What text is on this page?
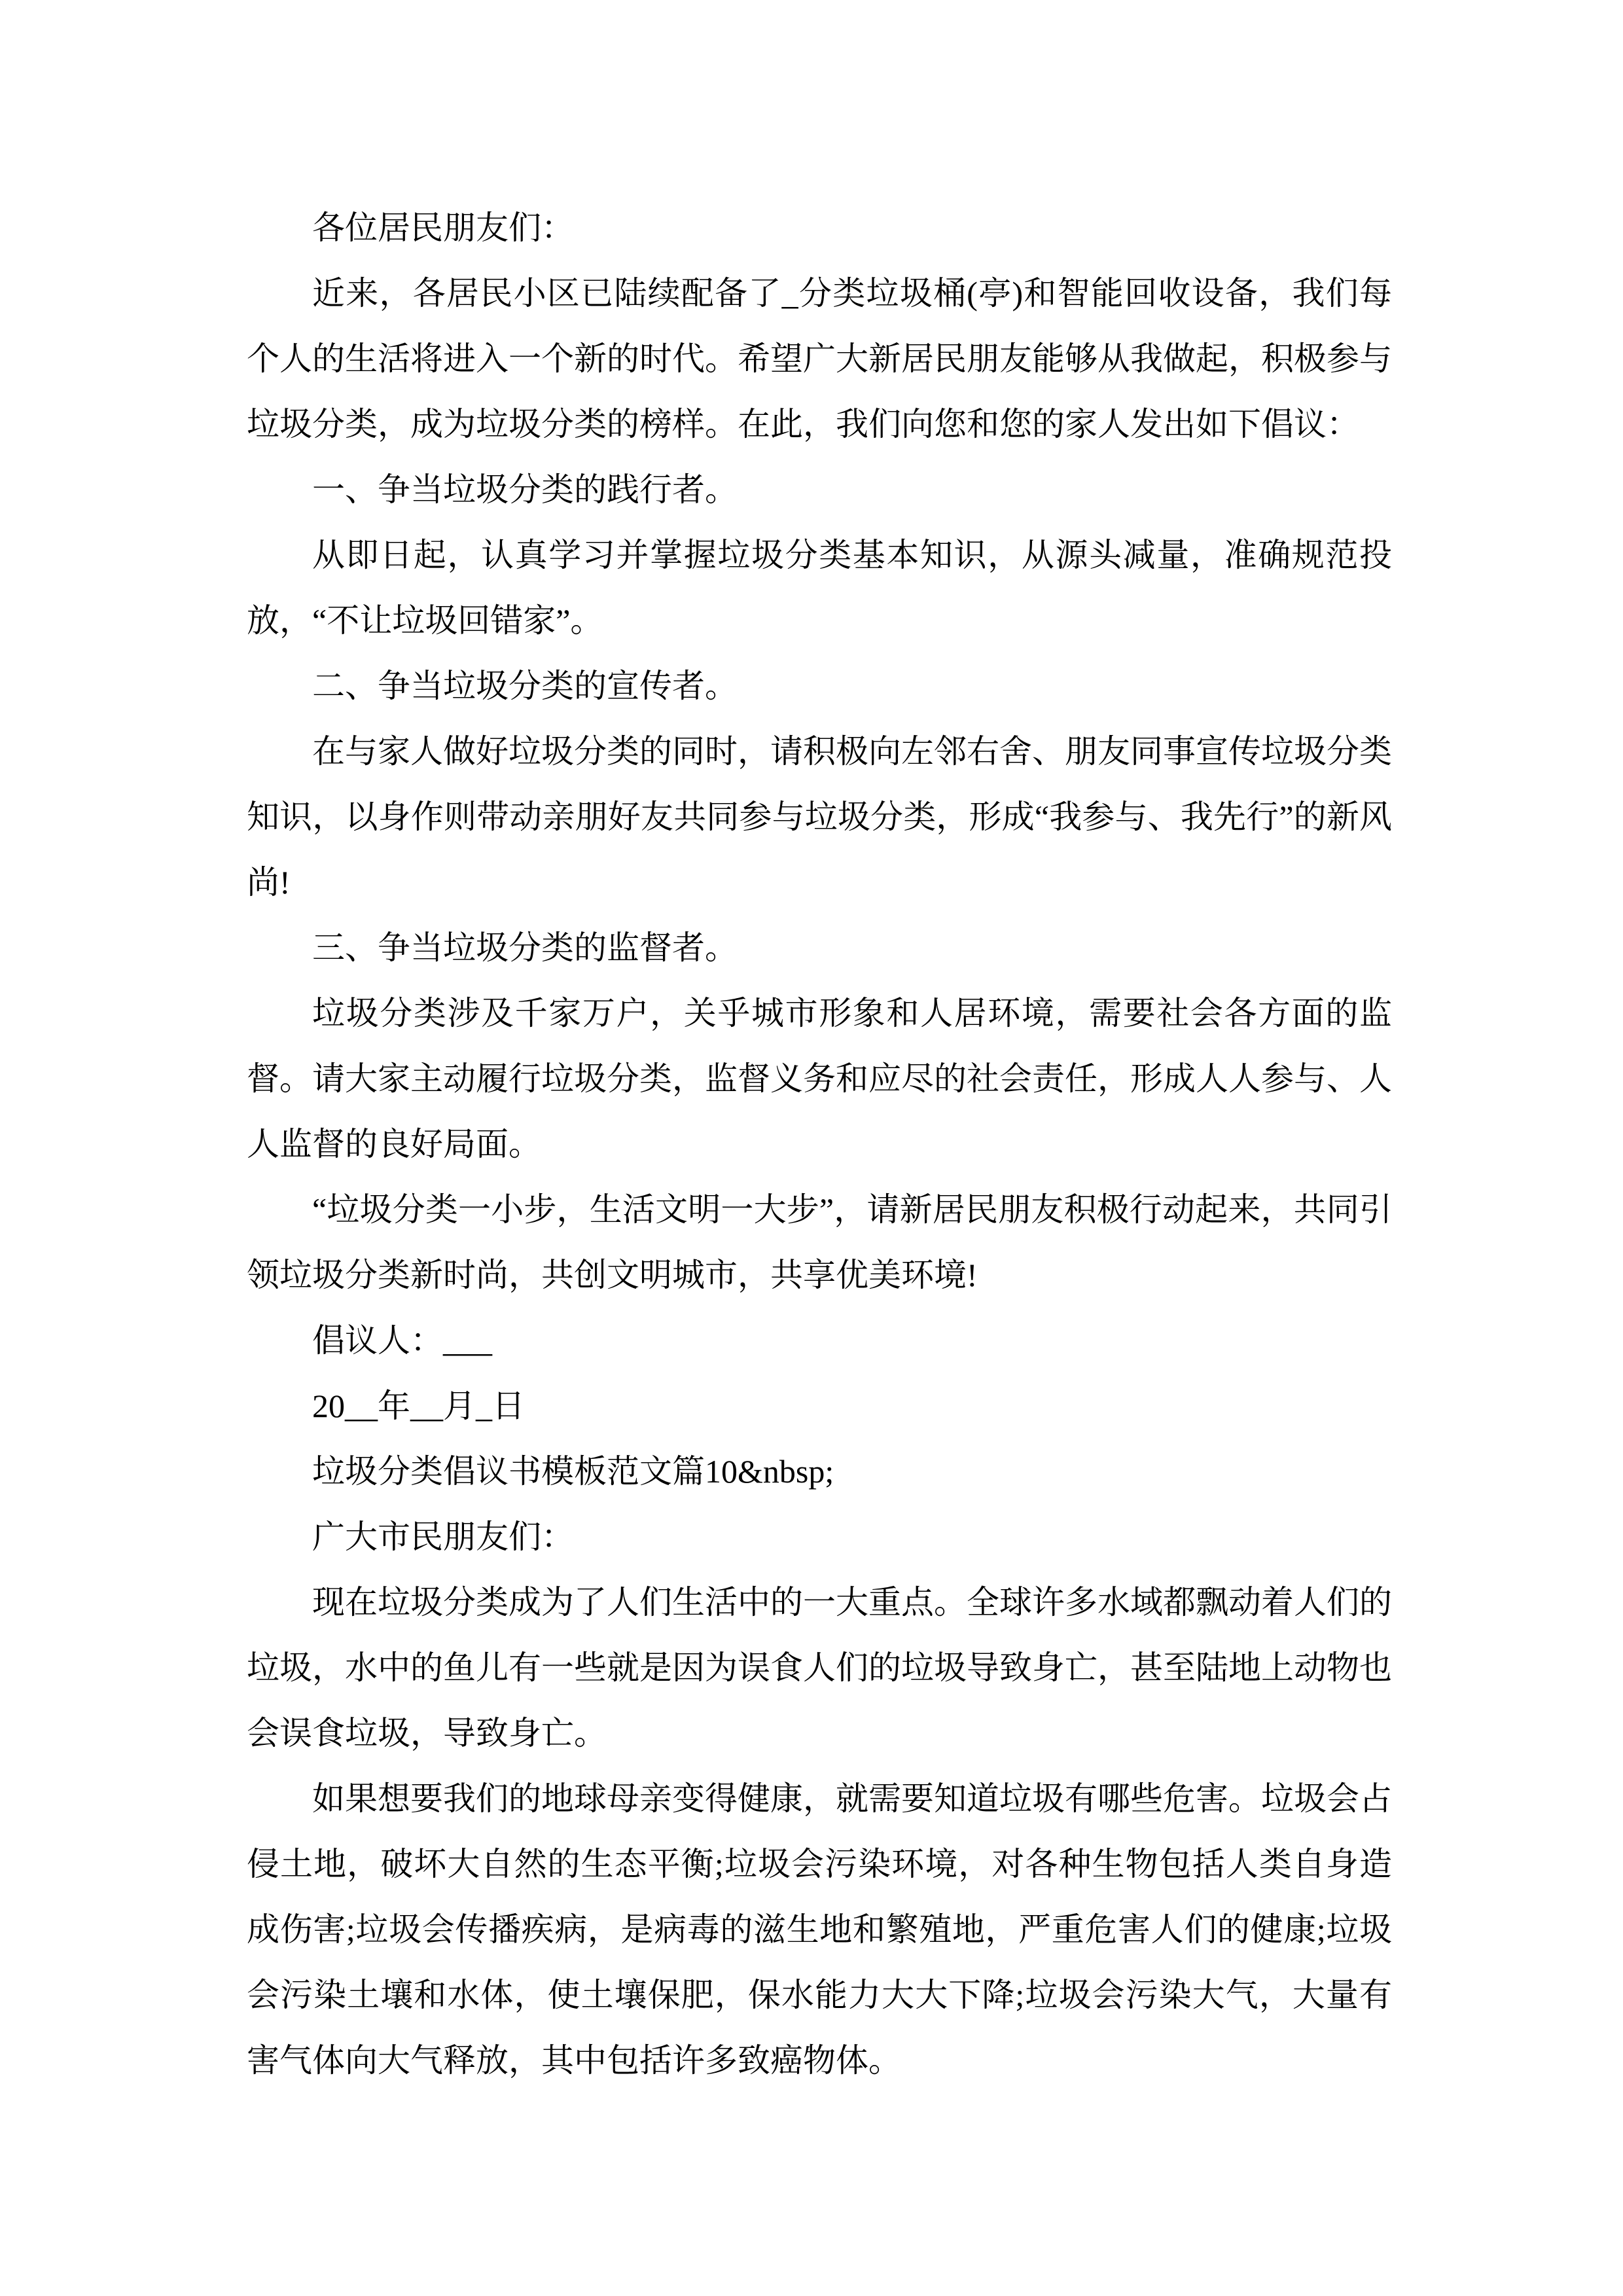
各位居民朋友们：

近来，各居民小区已陆续配备了_分类垃圾桶(亭)和智能回收设备，我们每个人的生活将进入一个新的时代。希望广大新居民朋友能够从我做起，积极参与垃圾分类，成为垃圾分类的榜样。在此，我们向您和您的家人发出如下倡议：

一、争当垃圾分类的践行者。

从即日起，认真学习并掌握垃圾分类基本知识，从源头减量，准确规范投放，“不让垃圾回错家”。

二、争当垃圾分类的宣传者。

在与家人做好垃圾分类的同时，请积极向左邻右舍、朋友同事宣传垃圾分类知识，以身作则带动亲朋好友共同参与垃圾分类，形成“我参与、我先行”的新风尚!

三、争当垃圾分类的监督者。

垃圾分类涉及千家万户，关乎城市形象和人居环境，需要社会各方面的监督。请大家主动履行垃圾分类，监督义务和应尽的社会责任，形成人人参与、人人监督的良好局面。

“垃圾分类一小步，生活文明一大步”，请新居民朋友积极行动起来，共同引领垃圾分类新时尚，共创文明城市，共享优美环境!

倡议人：___

20__年__月_日

垃圾分类倡议书模板范文篇10&nbsp;

广大市民朋友们：

现在垃圾分类成为了人们生活中的一大重点。全球许多水域都飘动着人们的垃圾，水中的鱼儿有一些就是因为误食人们的垃圾导致身亡，甚至陆地上动物也会误食垃圾，导致身亡。

如果想要我们的地球母亲变得健康，就需要知道垃圾有哪些危害。垃圾会占侵土地，破坏大自然的生态平衡;垃圾会污染环境，对各种生物包括人类自身造成伤害;垃圾会传播疾病，是病毒的滋生地和繁殖地，严重危害人们的健康;垃圾会污染土壤和水体，使土壤保肥，保水能力大大下降;垃圾会污染大气，大量有害气体向大气释放，其中包括许多致癌物体。
